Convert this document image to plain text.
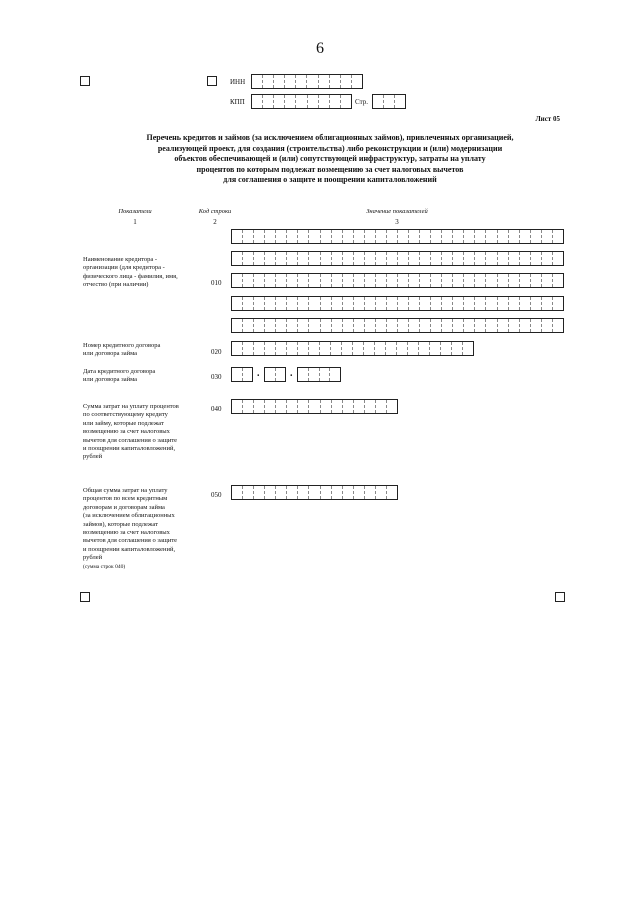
6
ИНН
КПП	Стр.
Лист 05
Перечень кредитов и займов (за исключением облигационных займов), привлеченных организацией,
реализующей проект, для создания (строительства) либо реконструкции и (или) модернизации
объектов обеспечивающей и (или) сопутствующей инфраструктур, затраты на уплату
процентов по которым подлежат возмещению за счет налоговых вычетов
для соглашения о защите и поощрении капиталовложений
Показатели	Код строки	Значение показателей
1	2	3
Наименование кредитора -
организации (для кредитора -
физического лица - фамилия, имя,
отчество (при наличии)	010
Номер кредитного договора
или договора займа	020
Дата кредитного договора
или договора займа	030	.	.
Сумма затрат на уплату процентов
по соответствующему кредиту
или займу, которые подлежат
возмещению за счет налоговых
вычетов для соглашения о защите
и поощрении капиталовложений,
рублей
040
Общая сумма затрат на уплату
процентов по всем кредитным
договорам и договорам займа
(за исключением облигационных
займов), которые подлежат
возмещению за счет налоговых
вычетов для соглашения о защите
и поощрении капиталовложений,
рублей
(сумма строк 040)
050
